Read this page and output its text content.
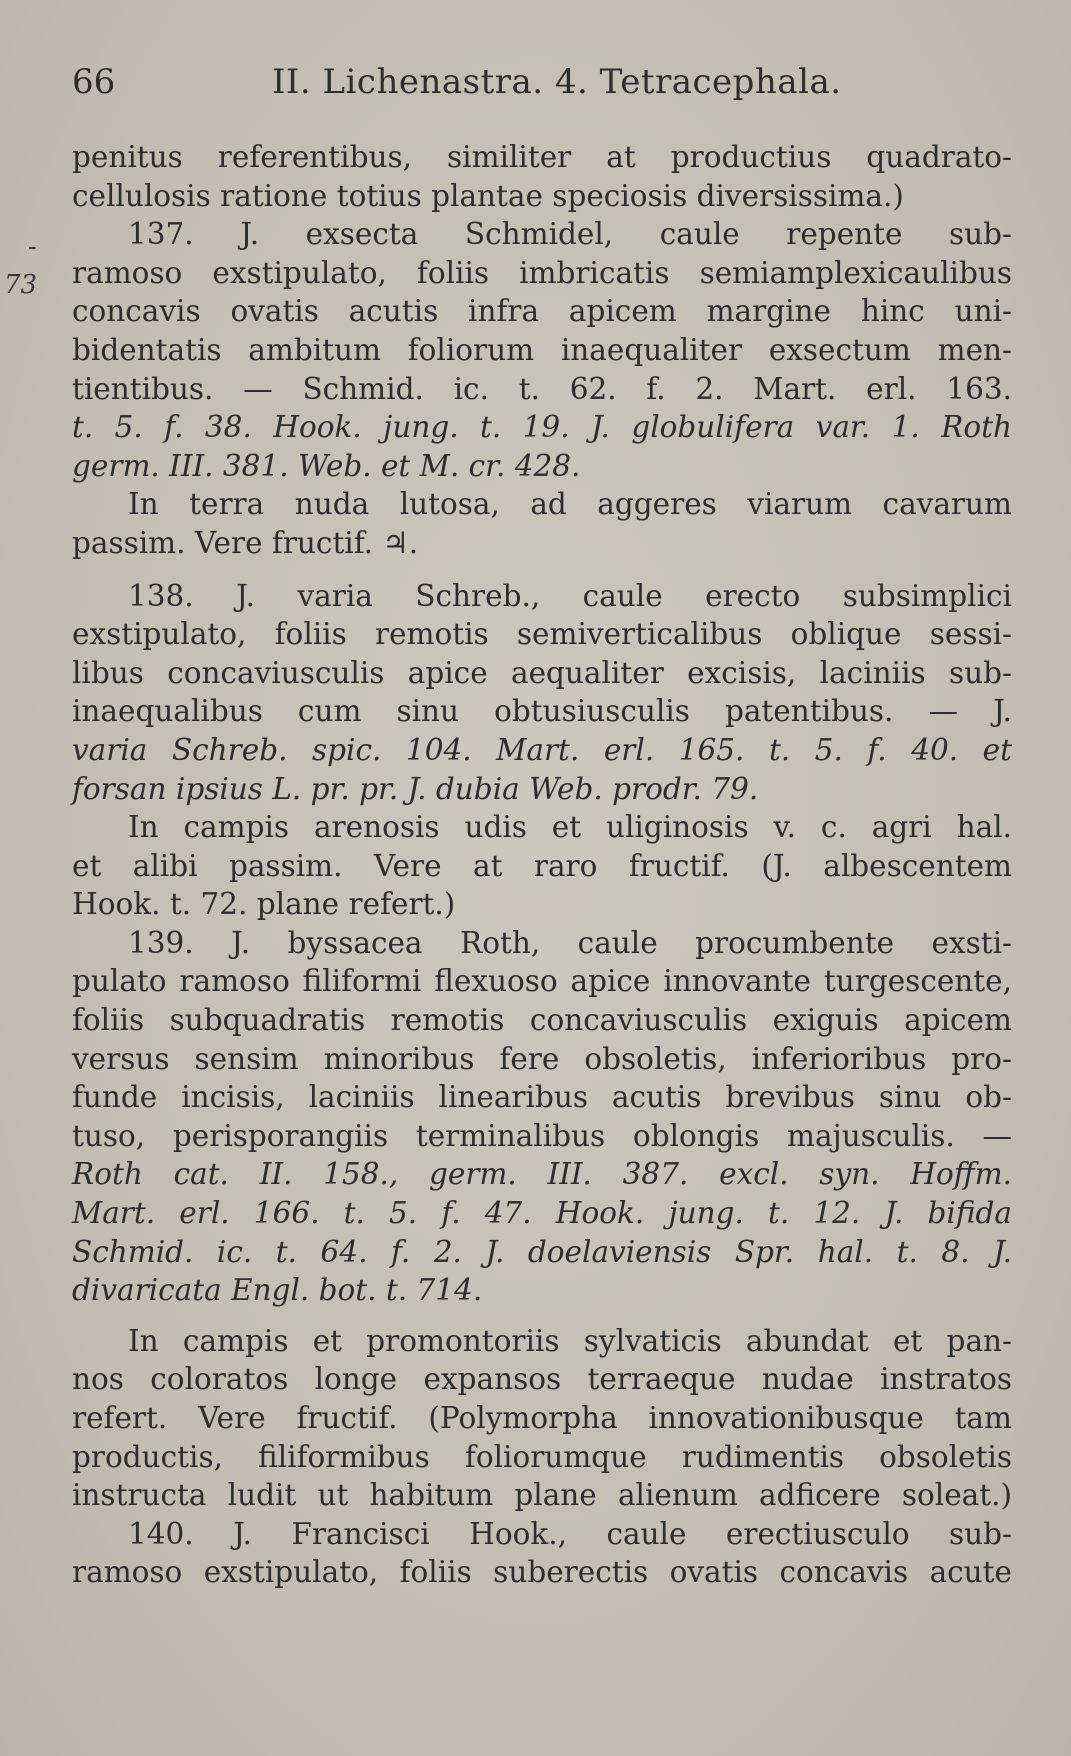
66	II. Lichenastra. 4. Tetracephala.
-
73
penitus referentibus, similiter at productius quadrato-
cellulosis ratione totius plantae speciosis diversissima.)
137. J. exsecta Schmidel, caule repente sub-
ramoso exstipulato, foliis imbricatis semiamplexicaulibus
concavis ovatis acutis infra apicem margine hinc uni-
bidentatis ambitum foliorum inaequaliter exsectum men-
tientibus. — Schmid. ic. t. 62. f. 2. Mart. erl. 163.
t. 5. f. 38. Hook. jung. t. 19. J. globulifera var. 1. Roth
germ. III. 381. Web. et M. cr. 428.
In terra nuda lutosa, ad aggeres viarum cavarum
passim. Vere fructif. ♃.
138. J. varia Schreb., caule erecto subsimplici
exstipulato, foliis remotis semiverticalibus oblique sessi-
libus concaviusculis apice aequaliter excisis, laciniis sub-
inaequalibus cum sinu obtusiusculis patentibus. — J.
varia Schreb. spic. 104. Mart. erl. 165. t. 5. f. 40. et
forsan ipsius L. pr. pr. J. dubia Web. prodr. 79.
In campis arenosis udis et uliginosis v. c. agri hal.
et alibi passim. Vere at raro fructif. (J. albescentem
Hook. t. 72. plane refert.)
139. J. byssacea Roth, caule procumbente exsti-
pulato ramoso filiformi flexuoso apice innovante turgescente,
foliis subquadratis remotis concaviusculis exiguis apicem
versus sensim minoribus fere obsoletis, inferioribus pro-
funde incisis, laciniis linearibus acutis brevibus sinu ob-
tuso, perisporangiis terminalibus oblongis majusculis. —
Roth cat. II. 158., germ. III. 387. excl. syn. Hoffm.
Mart. erl. 166. t. 5. f. 47. Hook. jung. t. 12. J. bifida
Schmid. ic. t. 64. f. 2. J. doelaviensis Spr. hal. t. 8. J.
divaricata Engl. bot. t. 714.
In campis et promontoriis sylvaticis abundat et pan-
nos coloratos longe expansos terraeque nudae instratos
refert. Vere fructif. (Polymorpha innovationibusque tam
productis, filiformibus foliorumque rudimentis obsoletis
instructa ludit ut habitum plane alienum adficere soleat.)
140. J. Francisci Hook., caule erectiusculo sub-
ramoso exstipulato, foliis suberectis ovatis concavis acute
